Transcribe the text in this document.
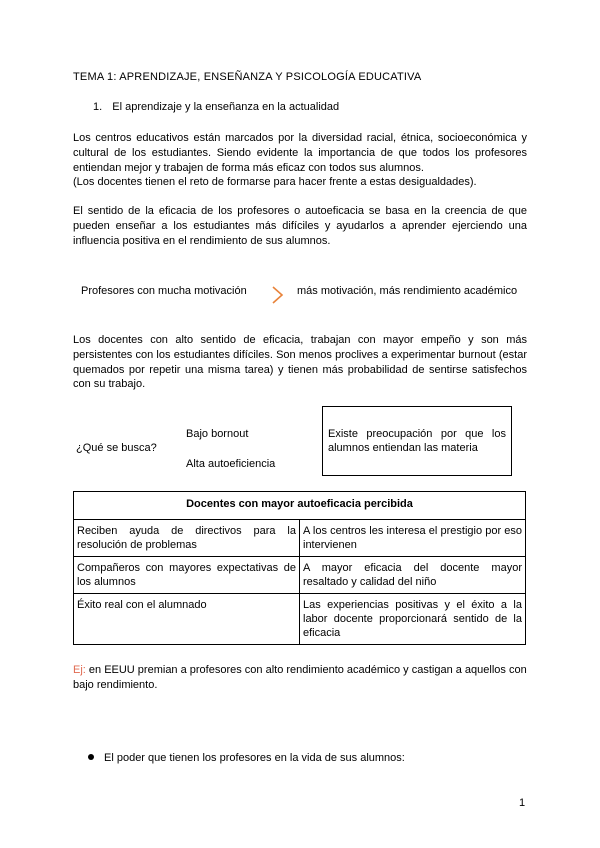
TEMA 1: APRENDIZAJE, ENSEÑANZA Y PSICOLOGÍA EDUCATIVA
1. El aprendizaje y la enseñanza en la actualidad

Los centros educativos están marcados por la diversidad racial, étnica, socioeconómica y cultural de los estudiantes. Siendo evidente la importancia de que todos los profesores entiendan mejor y trabajen de forma más eficaz con todos sus alumnos.

(Los docentes tienen el reto de formarse para hacer frente a estas desigualdades).

El sentido de la eficacia de los profesores o autoeficacia se basa en la creencia de que pueden enseñar a los estudiantes más difíciles y ayudarlos a aprender ejerciendo una influencia positiva en el rendimiento de sus alumnos.
Profesores con mucha motivación	más motivación, más rendimiento académico
Los docentes con alto sentido de eficacia, trabajan con mayor empeño y son más persistentes con los estudiantes difíciles. Son menos proclives a experimentar burnout (estar quemados por repetir una misma tarea) y tienen más probabilidad de sentirse satisfechos con su trabajo.
¿Qué se busca?
Bajo bornout
Alta autoeficiencia
Existe preocupación por que los alumnos entiendan las materia
Docentes con mayor autoeficacia percibida	
Reciben ayuda de directivos para la resolución de problemas	A los centros les interesa el prestigio por eso intervienen
Compañeros con mayores expectativas de los alumnos	A mayor eficacia del docente mayor resaltado y calidad del niño
Éxito real con el alumnado	Las experiencias positivas y el éxito a la labor docente proporcionará sentido de la eficacia
Ej: en EEUU premian a profesores con alto rendimiento académico y castigan a aquellos con bajo rendimiento.
El poder que tienen los profesores en la vida de sus alumnos:
1
